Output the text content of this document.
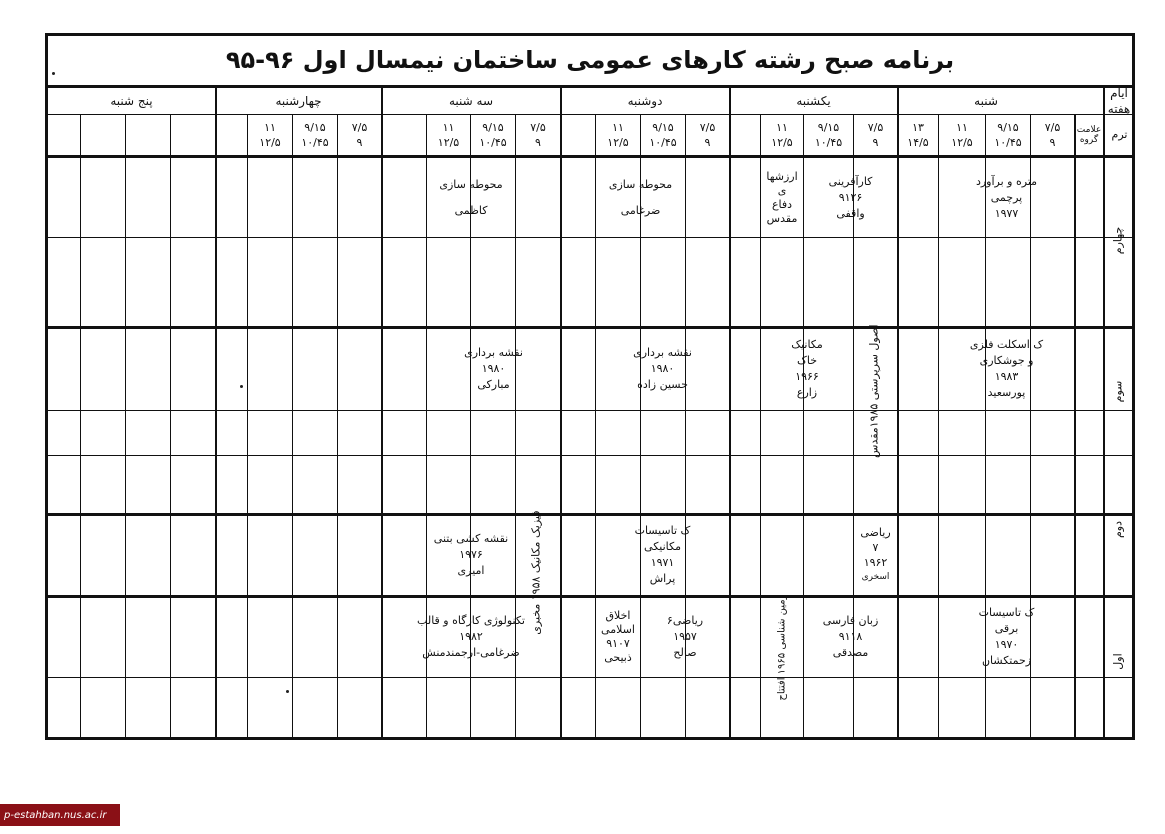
برنامه صبح رشته کارهای عمومی ساختمان نیمسال اول ۹۶-۹۵
ایام هفته
شنبه
یکشنبه
دوشنبه
سه شنبه
چهارشنبه
پنج شنبه
ترم
علامت گروه
۷/۵
۹
۹/۱۵
۱۰/۴۵
۱۱
۱۲/۵
۱۳
۱۴/۵
۷/۵
۹
۹/۱۵
۱۰/۴۵
۱۱
۱۲/۵
۷/۵
۹
۹/۱۵
۱۰/۴۵
۱۱
۱۲/۵
۷/۵
۹
۹/۱۵
۱۰/۴۵
۱۱
۱۲/۵
۷/۵
۹
۹/۱۵
۱۰/۴۵
۱۱
۱۲/۵
چهارم
سوم
دوم
اول
متره و برآورد
پرچمی
۱۹۷۷
کارآفرینی
۹۱۲۶
واقفی
ارزشها
ی
دفاع
مقدس
محوطه سازی
ضرغامی
محوطه سازی
کاظمی
ک اسکلت فلزی
و جوشکاری
۱۹۸۳
پورسعید
اصول سرپرستی ۱۹۸۵مقدس
مکانیک
خاک
۱۹۶۶
زارع
نقشه برداری
۱۹۸۰
حسین زاده
نقشه برداری
۱۹۸۰
مبارکی
ریاضی
۷
۱۹۶۲
اسخری
ک تاسیسات
مکانیکی
۱۹۷۱
پراش
فیزیک مکانیک ۱۹۵۸ مخبری
نقشه کشی بتنی
۱۹۷۶
امیری
ک تاسیسات
برقی
۱۹۷۰
زحمتکشان
زبان فارسی
۹۱۱۸
مصدقی
زمین شناسی ۱۹۶۵ افتتاح
ریاضی۶
۱۹۵۷
صالح
اخلاق
اسلامی
۹۱۰۷
ذبیحی
تکنولوژی کارگاه و قالب
۱۹۸۲
ضرغامی-ارجمندمنش
p-estahban.nus.ac.ir
